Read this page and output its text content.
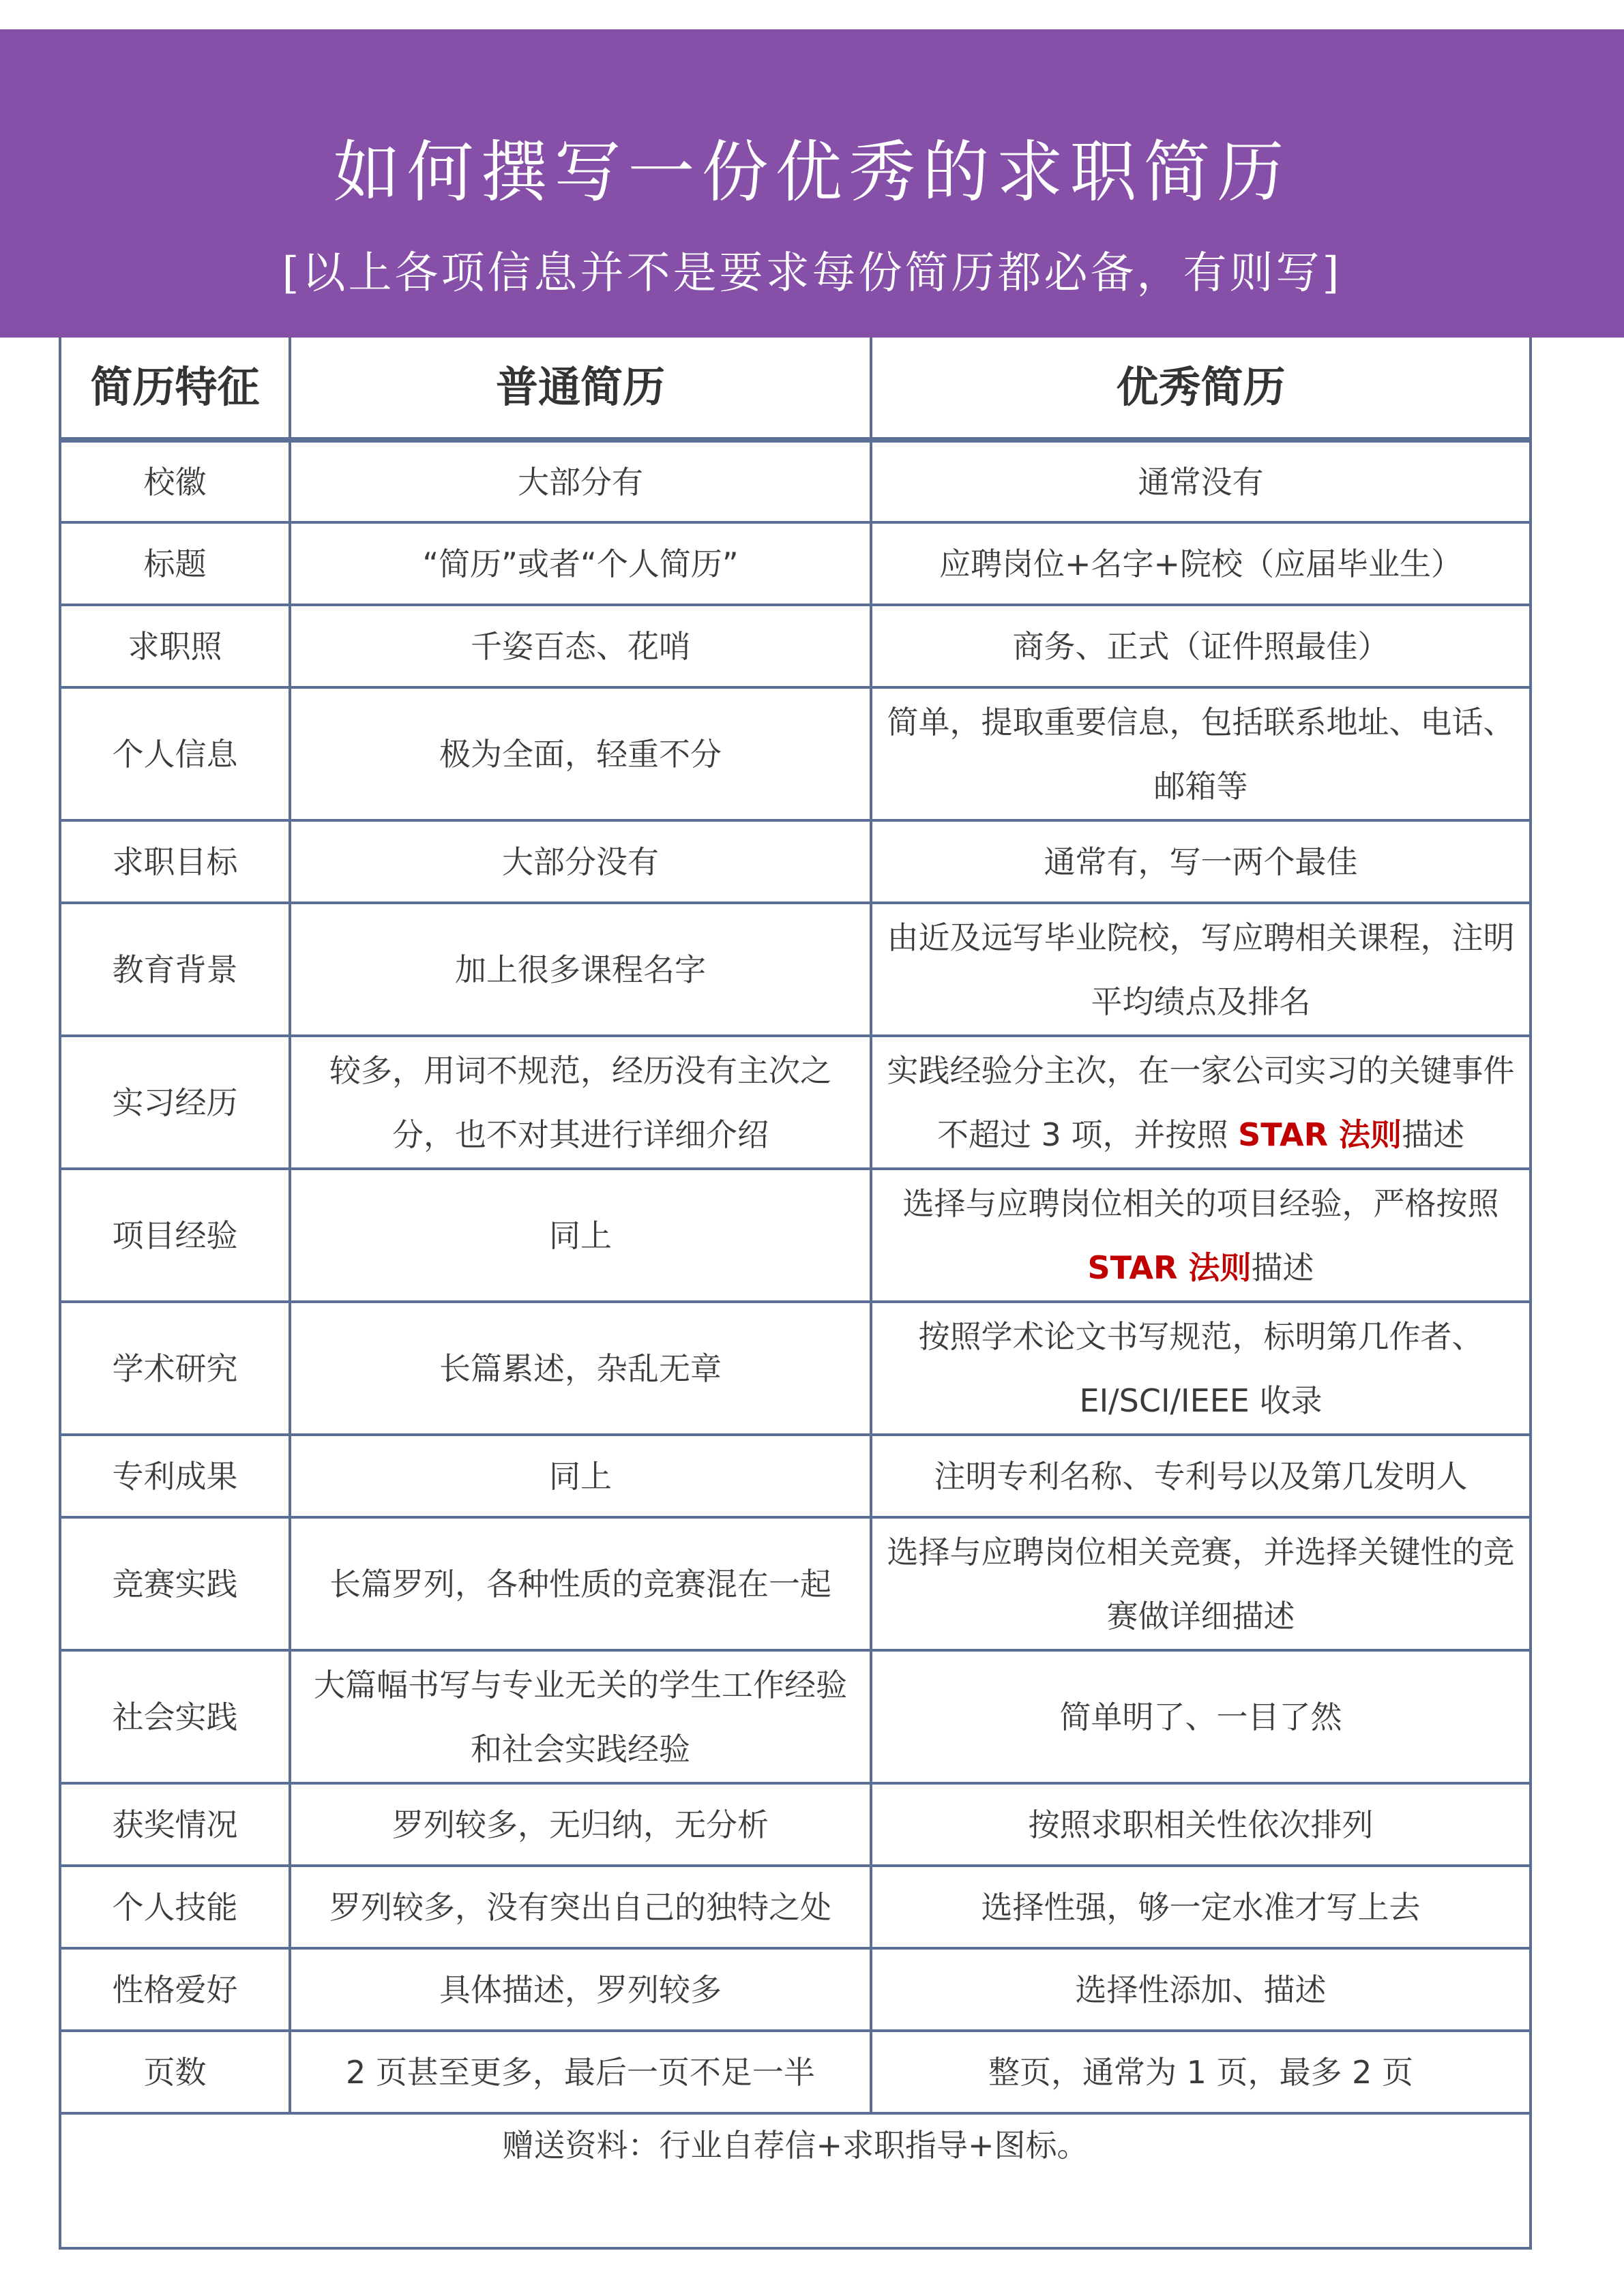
如何撰写一份优秀的求职简历
[以上各项信息并不是要求每份简历都必备，有则写]
简历特征	普通简历	优秀简历
校徽	大部分有	通常没有
标题	“简历”或者“个人简历”	应聘岗位+名字+院校（应届毕业生）
求职照	千姿百态、花哨	商务、正式（证件照最佳）
个人信息	极为全面，轻重不分	简单，提取重要信息，包括联系地址、电话、邮箱等
求职目标	大部分没有	通常有，写一两个最佳
教育背景	加上很多课程名字	由近及远写毕业院校，写应聘相关课程，注明平均绩点及排名
实习经历	较多，用词不规范，经历没有主次之分，也不对其进行详细介绍	实践经验分主次，在一家公司实习的关键事件不超过 3 项，并按照 STAR 法则描述
项目经验	同上	选择与应聘岗位相关的项目经验，严格按照 STAR 法则描述
学术研究	长篇累述，杂乱无章	按照学术论文书写规范，标明第几作者、EI/SCI/IEEE 收录
专利成果	同上	注明专利名称、专利号以及第几发明人
竞赛实践	长篇罗列，各种性质的竞赛混在一起	选择与应聘岗位相关竞赛，并选择关键性的竞赛做详细描述
社会实践	大篇幅书写与专业无关的学生工作经验和社会实践经验	简单明了、一目了然
获奖情况	罗列较多，无归纳，无分析	按照求职相关性依次排列
个人技能	罗列较多，没有突出自己的独特之处	选择性强，够一定水准才写上去
性格爱好	具体描述，罗列较多	选择性添加、描述
页数	2 页甚至更多，最后一页不足一半	整页，通常为 1 页，最多 2 页
赠送资料：行业自荐信+求职指导+图标。		
